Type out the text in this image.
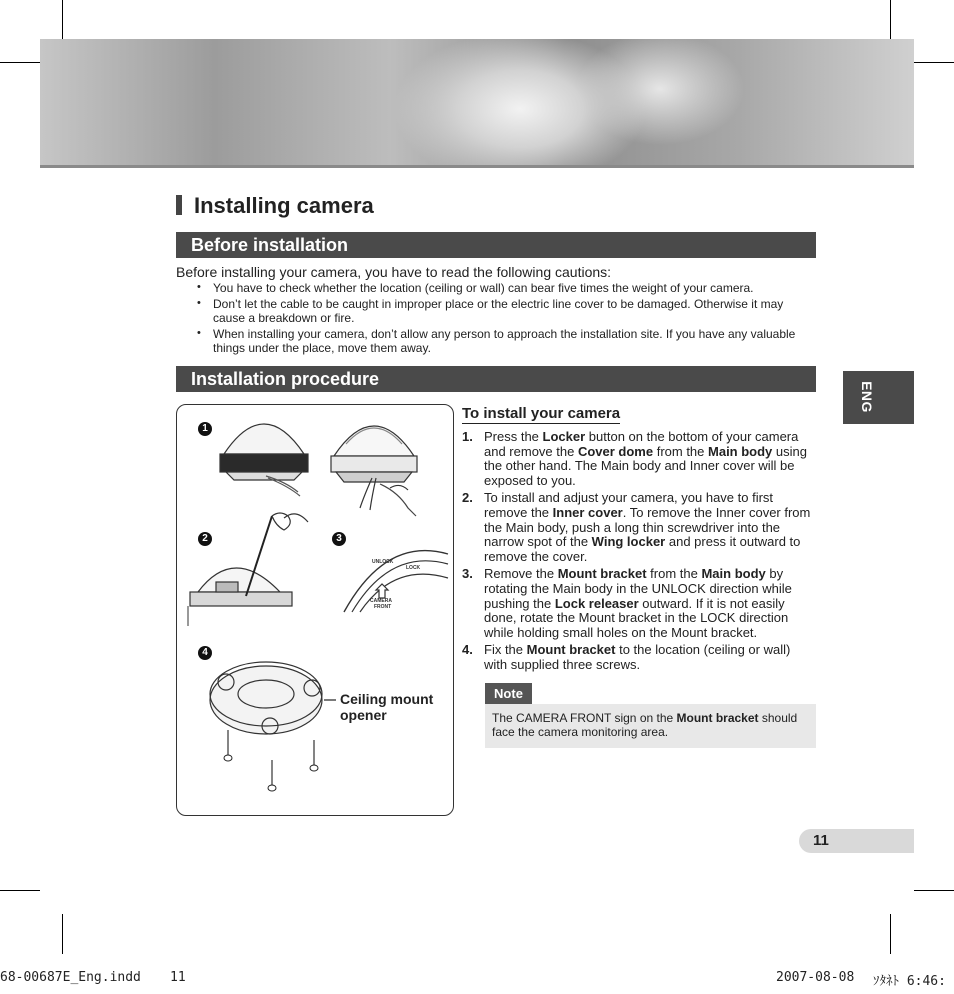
Installing camera
Before installation
Before installing your camera, you have to read the following cautions:
• You have to check whether the location (ceiling or wall) can bear five times the weight of your camera.
• Don’t let the cable to be caught in improper place or the electric line cover to be damaged. Otherwise it may cause a breakdown or fire.
• When installing your camera, don’t allow any person to approach the installation site. If you have any valuable things under the place, move them away.
Installation procedure
ENG
UNLOCK
LOCK
CAMERA
FRONT
1
2	3
4
Ceiling mount opener
To install your camera
1. Press the Locker button on the bottom of your camera and remove the Cover dome from the Main body using the other hand. The Main body and Inner cover will be exposed to you.
2. To install and adjust your camera, you have to first remove the Inner cover. To remove the Inner cover from the Main body, push a long thin screwdriver into the narrow spot of the Wing locker and press it outward to remove the cover.
3. Remove the Mount bracket from the Main body by rotating the Main body in the UNLOCK direction while pushing the Lock releaser outward. If it is not easily done, rotate the Mount bracket in the LOCK direction while holding small holes on the Mount bracket.
4. Fix the Mount bracket to the location (ceiling or wall) with supplied three screws.
Note
The CAMERA FRONT sign on the Mount bracket should face the camera monitoring area.
11
68-00687E_Eng.indd 11	2007-08-08 ｿﾀﾈﾄ 6:46:
